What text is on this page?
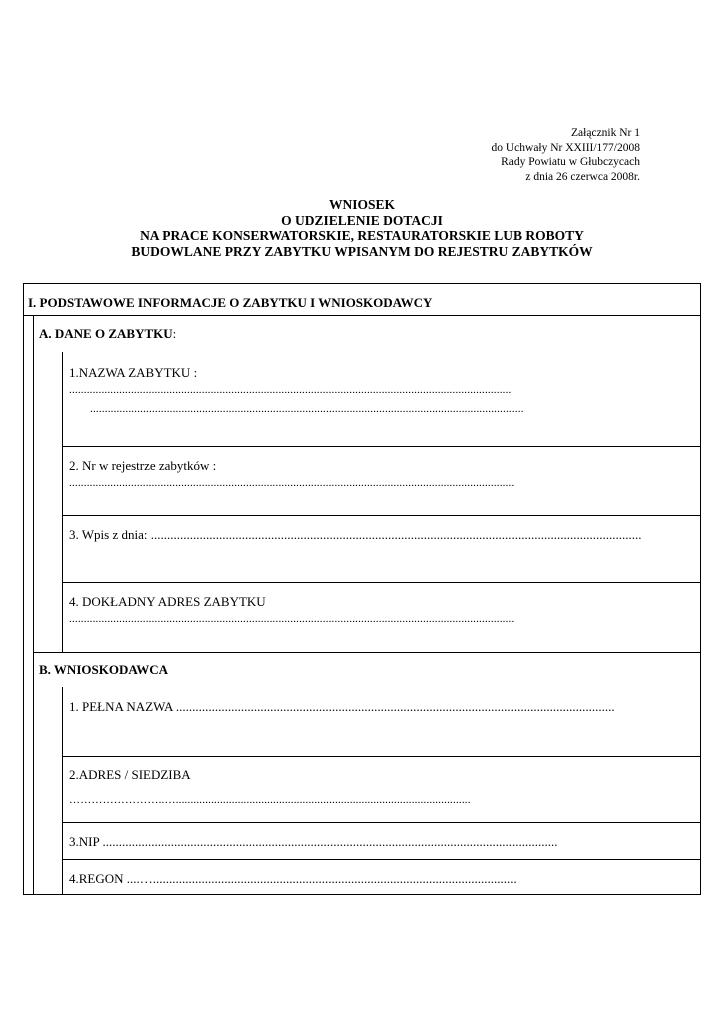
Załącznik Nr 1
do Uchwały Nr XXIII/177/2008
Rady Powiatu w Głubczycach
z dnia 26 czerwca 2008r.
WNIOSEK
O UDZIELENIE DOTACJI
NA PRACE KONSERWATORSKIE, RESTAURATORSKIE LUB ROBOTY
BUDOWLANE PRZY ZABYTKU WPISANYM DO REJESTRU ZABYTKÓW
I. PODSTAWOWE INFORMACJE O ZABYTKU I WNIOSKODAWCY
A. DANE O ZABYTKU:
1.NAZWA ZABYTKU :
......................................................................................................................................................
...................................................................................................................................................
2. Nr w rejestrze zabytków :
.......................................................................................................................................................
3. Wpis z dnia: .......................................................................................................................................................
4. DOKŁADNY ADRES ZABYTKU
.......................................................................................................................................................
B. WNIOSKODAWCA
1. PEŁNA NAZWA .......................................................................................................................................
2.ADRES / SIEDZIBA
……………………..…....................................................................................................
3.NIP ............................................................................................................................................
4.REGON ....…................................................................................................................
